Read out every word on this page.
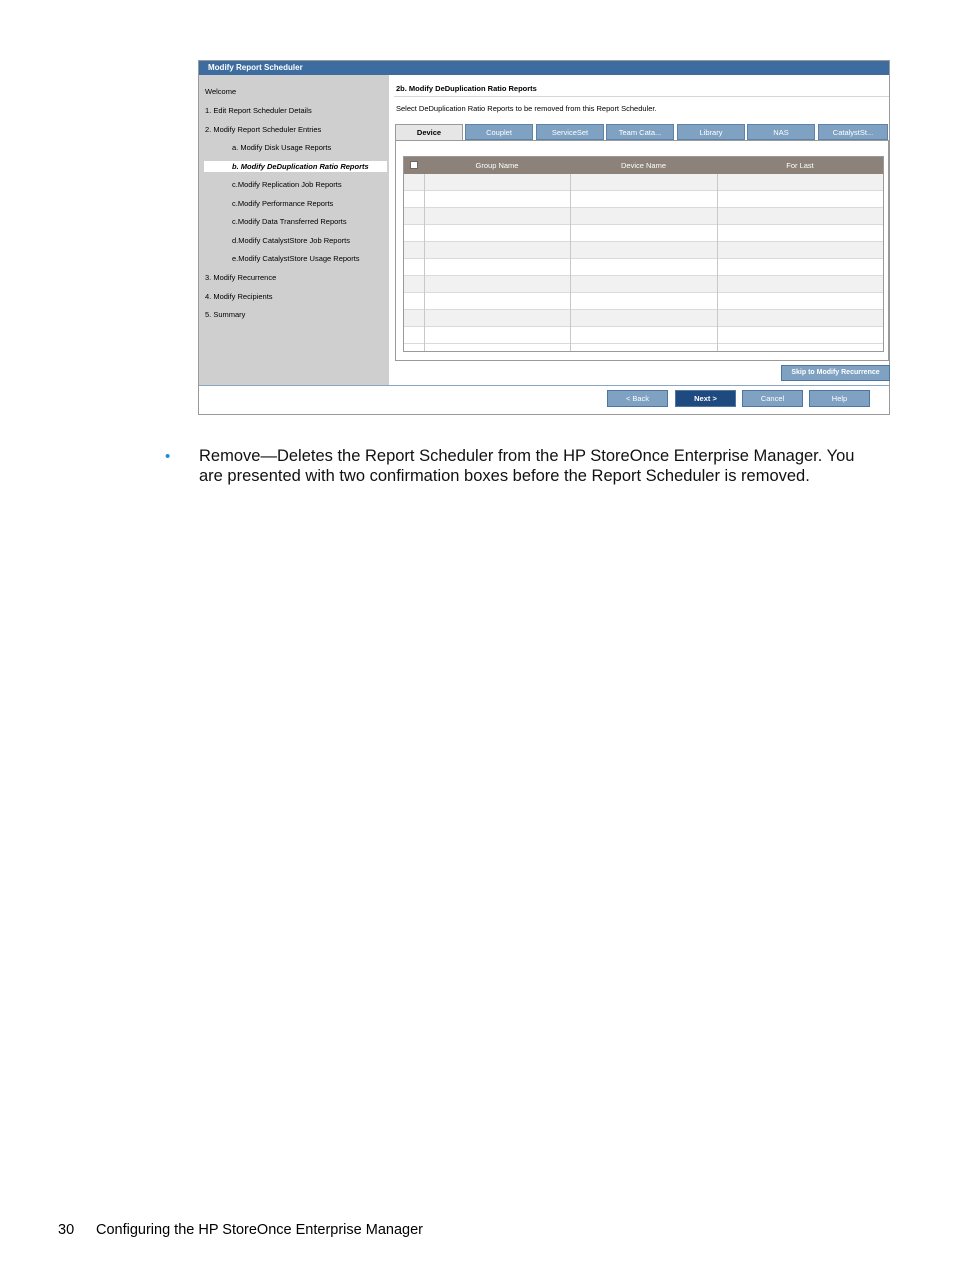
Modify Report Scheduler
Welcome
1. Edit Report Scheduler Details
2. Modify Report Scheduler Entries
a. Modify Disk Usage Reports
b. Modify DeDuplication Ratio Reports
c.Modify Replication Job Reports
c.Modify Performance Reports
c.Modify Data Transferred Reports
d.Modify CatalystStore Job Reports
e.Modify CatalystStore Usage Reports
3. Modify Recurrence
4. Modify Recipients
5. Summary
2b. Modify DeDuplication Ratio Reports
Select DeDuplication Ratio Reports to be removed from this Report Scheduler.
Device	Couplet	ServiceSet	Team Cata...	Library	NAS	CatalystSt...
Group Name	Device Name	For Last
Skip to Modify Recurrence
< Back	Next >	Cancel	Help
• Remove—Deletes the Report Scheduler from the HP StoreOnce Enterprise Manager. You are presented with two confirmation boxes before the Report Scheduler is removed.
30 Configuring the HP StoreOnce Enterprise Manager
